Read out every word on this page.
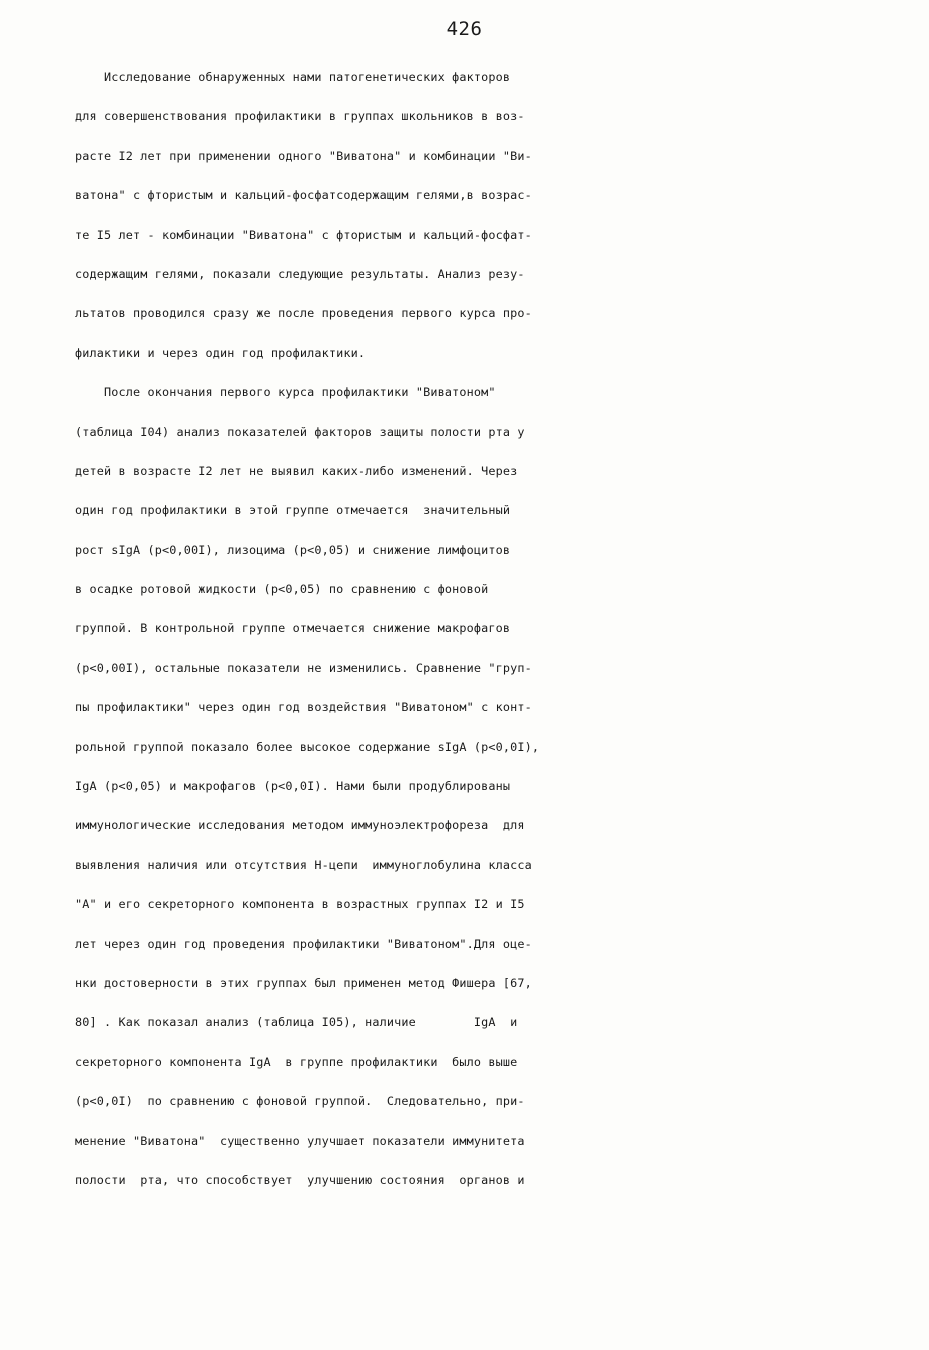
426
Исследование обнаруженных нами патогенетических факторов
для совершенствования профилактики в группах школьников в воз-
расте I2 лет при применении одного "Виватона" и комбинации "Ви-
ватона" с фтористым и кальций-фосфатсодержащим гелями,в возрас-
те I5 лет - комбинации "Виватона" с фтористым и кальций-фосфат-
содержащим гелями, показали следующие результаты. Анализ резу-
льтатов проводился сразу же после проведения первого курса про-
филактики и через один год профилактики.
После окончания первого курса профилактики "Виватоном"
(таблица I04) анализ показателей факторов защиты полости рта у
детей в возрасте I2 лет не выявил каких-либо изменений. Через
один год профилактики в этой группе отмечается  значительный
рост sIgA (p<0,00I), лизоцима (p<0,05) и снижение лимфоцитов
в осадке ротовой жидкости (p<0,05) по сравнению с фоновой
группой. В контрольной группе отмечается снижение макрофагов
(p<0,00I), остальные показатели не изменились. Сравнение "груп-
пы профилактики" через один год воздействия "Виватоном" с конт-
рольной группой показало более высокое содержание sIgA (p<0,0I),
IgA (p<0,05) и макрофагов (p<0,0I). Нами были продублированы
иммунологические исследования методом иммуноэлектрофореза  для
выявления наличия или отсутствия Н-цепи  иммуноглобулина класса
"А" и его секреторного компонента в возрастных группах I2 и I5
лет через один год проведения профилактики "Виватоном".Для оце-
нки достоверности в этих группах был применен метод Фишера [67,
80] . Как показал анализ (таблица I05), наличие        IgA  и
секреторного компонента IgA  в группе профилактики  было выше
(p<0,0I)  по сравнению с фоновой группой.  Следовательно, при-
менение "Виватона"  существенно улучшает показатели иммунитета
полости  рта, что способствует  улучшению состояния  органов и
